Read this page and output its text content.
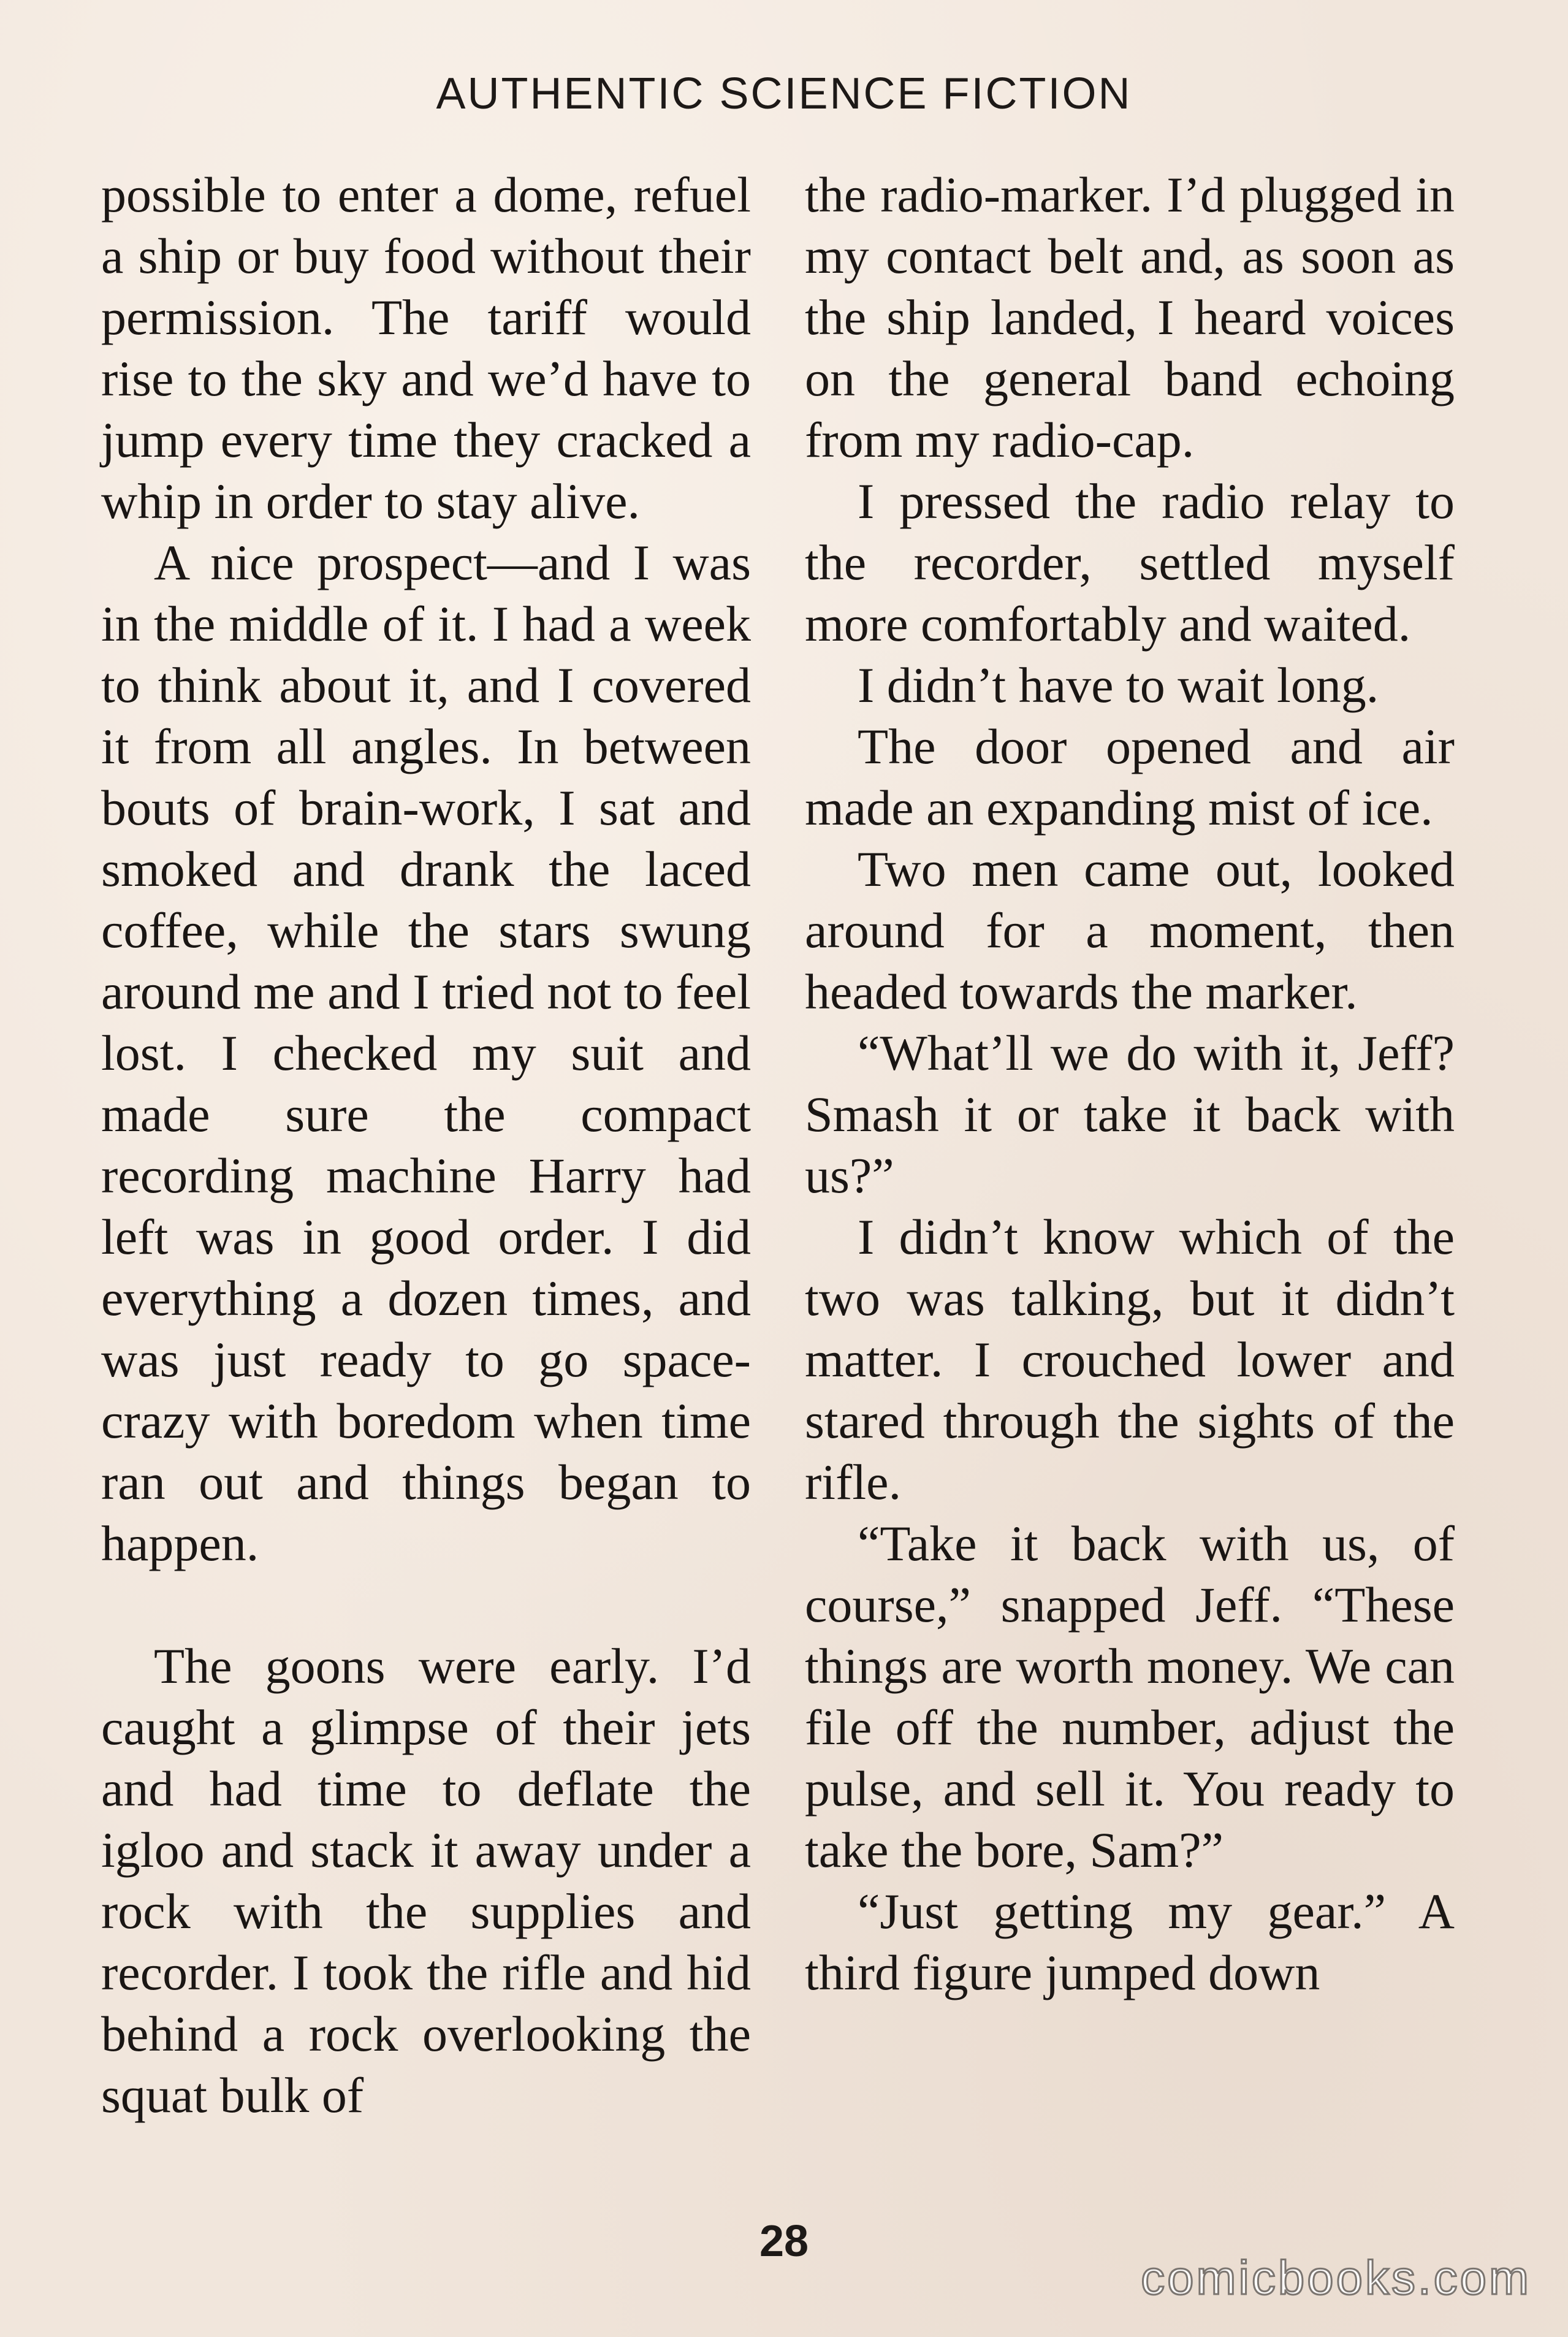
AUTHENTIC SCIENCE FICTION

possible to enter a dome, refuel a ship or buy food without their permission. The tariff would rise to the sky and we’d have to jump every time they cracked a whip in order to stay alive.

A nice prospect—and I was in the middle of it. I had a week to think about it, and I covered it from all angles. In between bouts of brain-work, I sat and smoked and drank the laced coffee, while the stars swung around me and I tried not to feel lost. I checked my suit and made sure the compact recording machine Harry had left was in good order. I did everything a dozen times, and was just ready to go space-crazy with boredom when time ran out and things began to happen.

The goons were early. I’d caught a glimpse of their jets and had time to deflate the igloo and stack it away under a rock with the supplies and recorder. I took the rifle and hid behind a rock overlooking the squat bulk of

the radio-marker. I’d plugged in my contact belt and, as soon as the ship landed, I heard voices on the general band echoing from my radio-cap.

I pressed the radio relay to the recorder, settled myself more comfortably and waited.

I didn’t have to wait long.

The door opened and air made an expanding mist of ice.

Two men came out, looked around for a moment, then headed towards the marker.

“What’ll we do with it, Jeff? Smash it or take it back with us?”

I didn’t know which of the two was talking, but it didn’t matter. I crouched lower and stared through the sights of the rifle.

“Take it back with us, of course,” snapped Jeff. “These things are worth money. We can file off the number, adjust the pulse, and sell it. You ready to take the bore, Sam?”

“Just getting my gear.” A third figure jumped down

28
comicbooks.com
